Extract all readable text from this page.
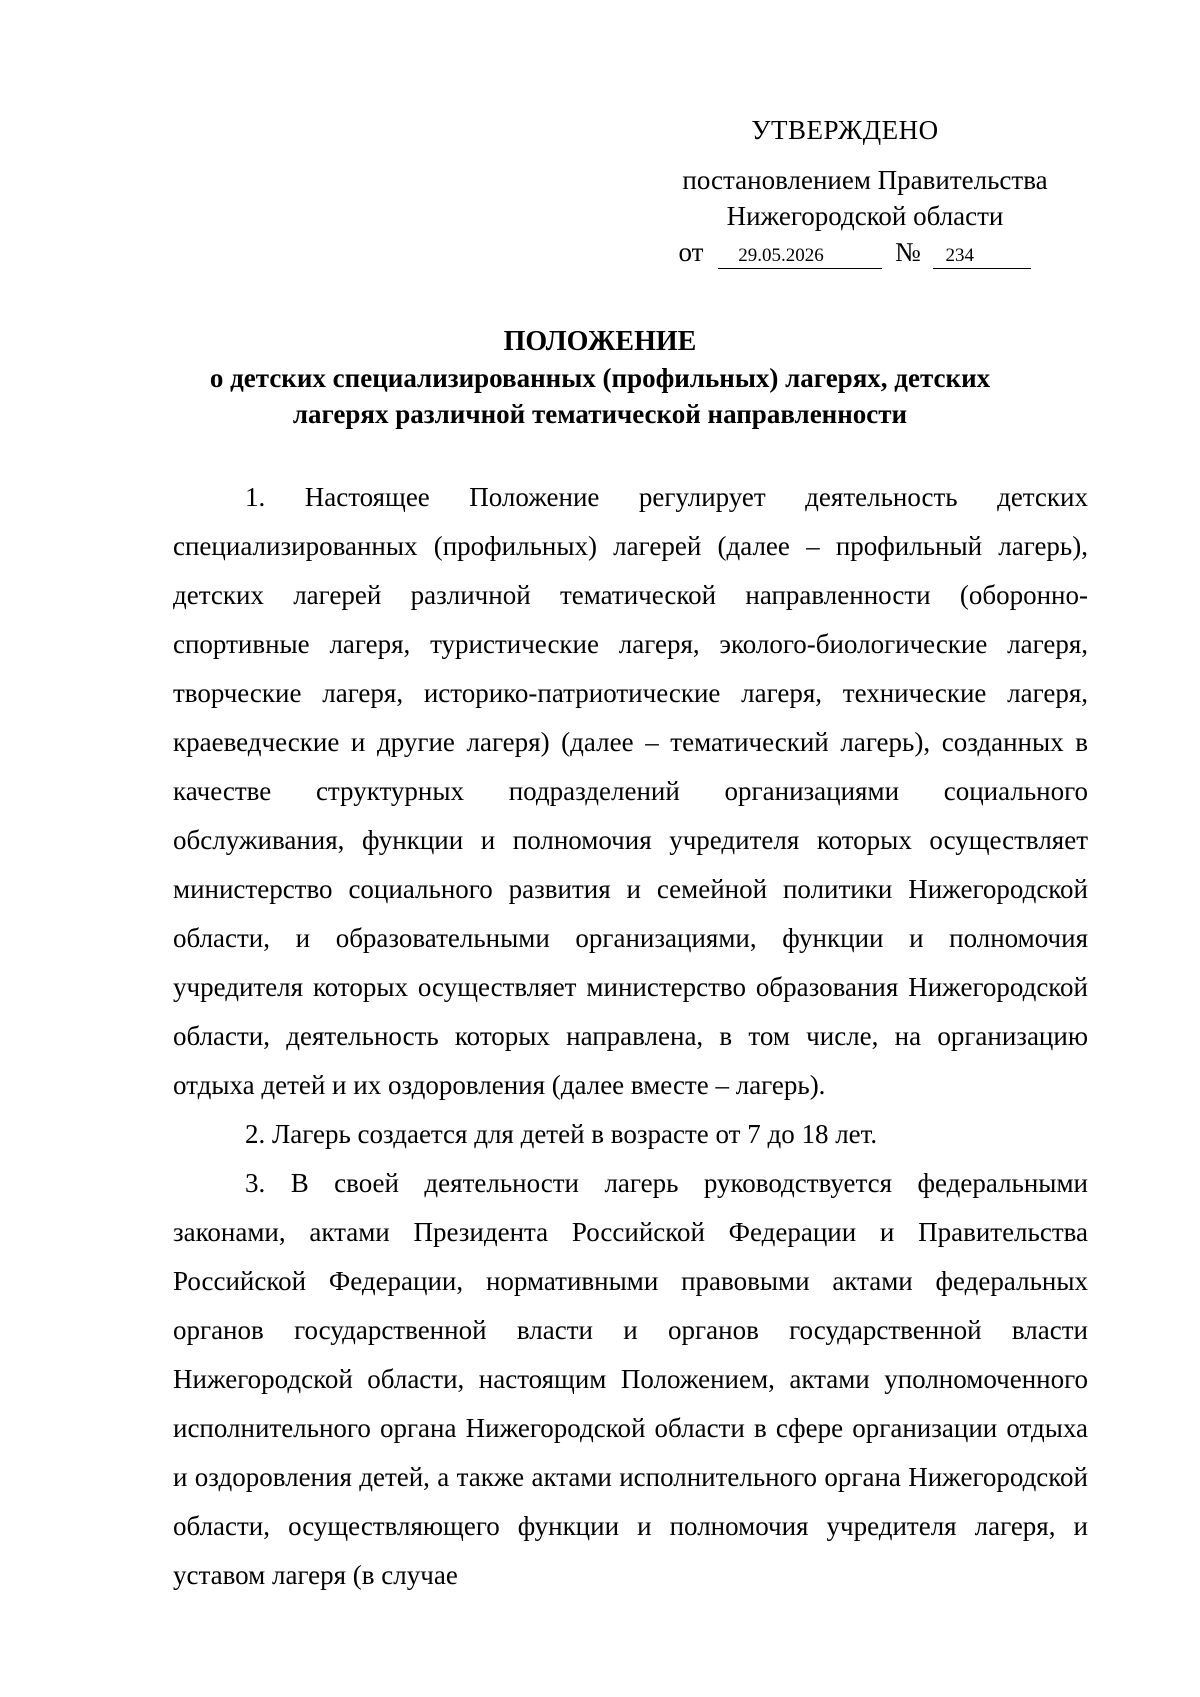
УТВЕРЖДЕНО
постановлением Правительства
Нижегородской области
от 29.05.2026	№ 234
ПОЛОЖЕНИЕ
о детских специализированных (профильных) лагерях, детских
лагерях различной тематической направленности

1. Настоящее Положение регулирует деятельность детских специализированных (профильных) лагерей (далее – профильный лагерь), детских лагерей различной тематической направленности (оборонно-спортивные лагеря, туристические лагеря, эколого-биологические лагеря, творческие лагеря, историко-патриотические лагеря, технические лагеря, краеведческие и другие лагеря) (далее – тематический лагерь), созданных в качестве структурных подразделений организациями социального обслуживания, функции и полномочия учредителя которых осуществляет министерство социального развития и семейной политики Нижегородской области, и образовательными организациями, функции и полномочия учредителя которых осуществляет министерство образования Нижегородской области, деятельность которых направлена, в том числе, на организацию отдыха детей и их оздоровления (далее вместе – лагерь).

2. Лагерь создается для детей в возрасте от 7 до 18 лет.

3. В своей деятельности лагерь руководствуется федеральными законами, актами Президента Российской Федерации и Правительства Российской Федерации, нормативными правовыми актами федеральных органов государственной власти и органов государственной власти Нижегородской области, настоящим Положением, актами уполномоченного исполнительного органа Нижегородской области в сфере организации отдыха и оздоровления детей, а также актами исполнительного органа Нижегородской области, осуществляющего функции и полномочия учредителя лагеря, и уставом лагеря (в случае
